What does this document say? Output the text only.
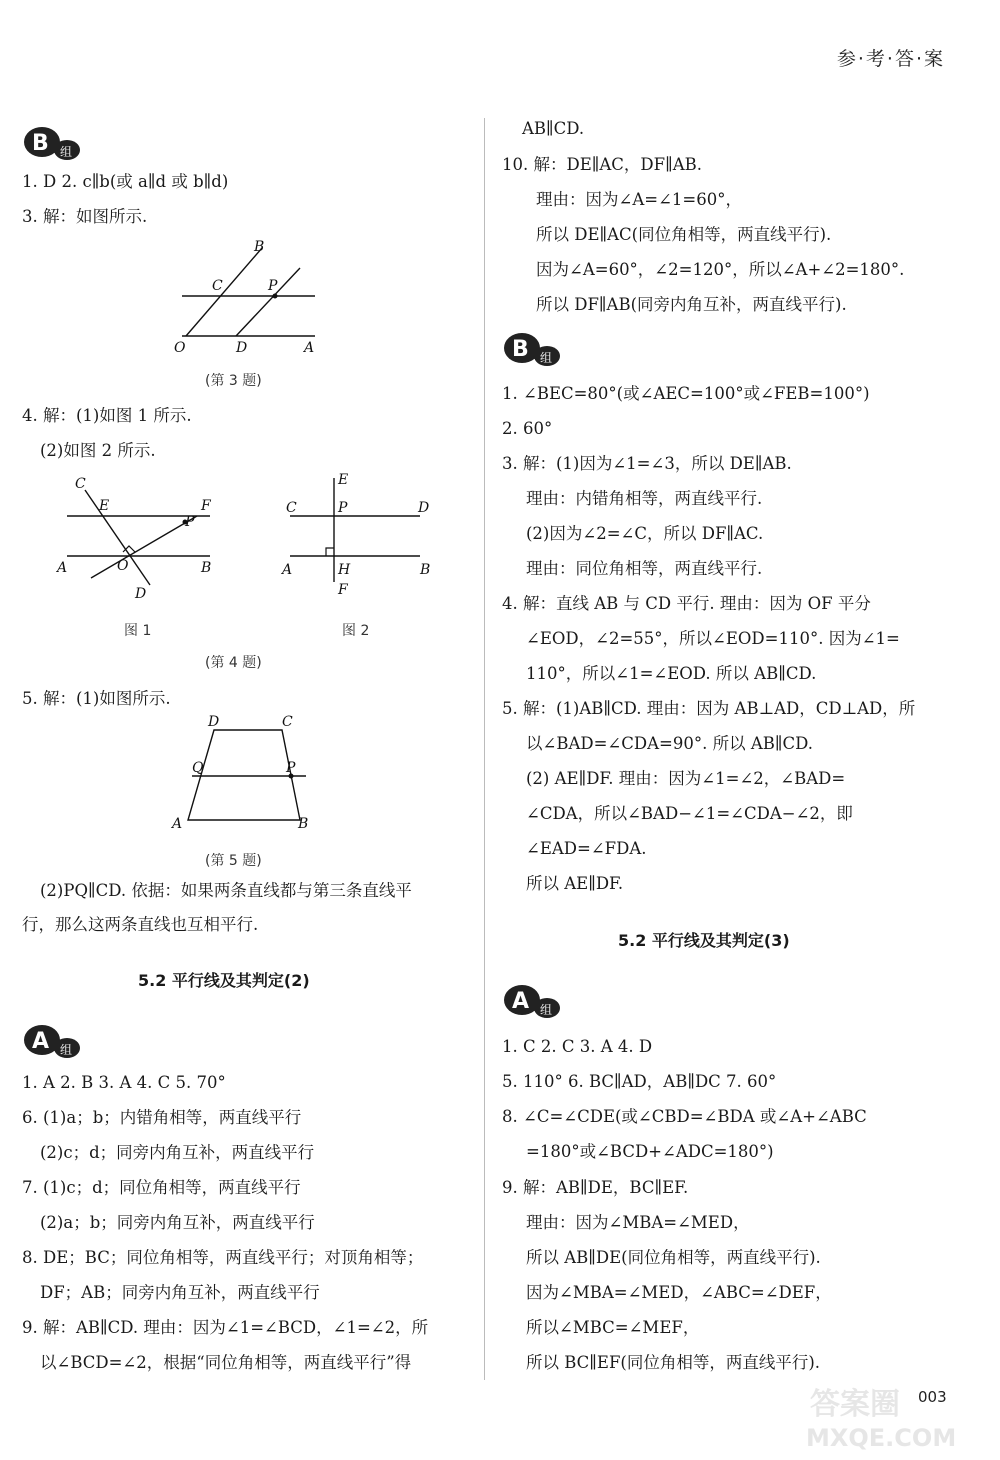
参·考·答·案
B 组
1. D 2. c∥b(或 a∥d 或 b∥d)
3. 解：如图所示.
B
C	P
O	D	A
(第 3 题)
4. 解：(1)如图 1 所示.
(2)如图 2 所示.
C
E	F
P
A	O	B
D
图 1
E
C	P	D
A	H	B
F
图 2
(第 4 题)
5. 解：(1)如图所示.
D	C
Q	P
A	B
(第 5 题)
(2)PQ∥CD. 依据：如果两条直线都与第三条直线平
行，那么这两条直线也互相平行.
5.2 平行线及其判定(2)
A 组
1. A 2. B 3. A 4. C 5. 70°
6. (1)a；b；内错角相等，两直线平行
(2)c；d；同旁内角互补，两直线平行
7. (1)c；d；同位角相等，两直线平行
(2)a；b；同旁内角互补，两直线平行
8. DE；BC；同位角相等，两直线平行；对顶角相等；
DF；AB；同旁内角互补，两直线平行
9. 解：AB∥CD. 理由：因为∠1=∠BCD，∠1=∠2，所
以∠BCD=∠2，根据“同位角相等，两直线平行”得
AB∥CD.
10. 解：DE∥AC，DF∥AB.
理由：因为∠A=∠1=60°，
所以 DE∥AC(同位角相等，两直线平行).
因为∠A=60°，∠2=120°，所以∠A+∠2=180°.
所以 DF∥AB(同旁内角互补，两直线平行).
B 组
1. ∠BEC=80°(或∠AEC=100°或∠FEB=100°)
2. 60°
3. 解：(1)因为∠1=∠3，所以 DE∥AB.
理由：内错角相等，两直线平行.
(2)因为∠2=∠C，所以 DF∥AC.
理由：同位角相等，两直线平行.
4. 解：直线 AB 与 CD 平行. 理由：因为 OF 平分
∠EOD，∠2=55°，所以∠EOD=110°. 因为∠1=
110°，所以∠1=∠EOD. 所以 AB∥CD.
5. 解：(1)AB∥CD. 理由：因为 AB⊥AD，CD⊥AD，所
以∠BAD=∠CDA=90°. 所以 AB∥CD.
(2) AE∥DF. 理由：因为∠1=∠2，∠BAD=
∠CDA，所以∠BAD−∠1=∠CDA−∠2，即
∠EAD=∠FDA.
所以 AE∥DF.
5.2 平行线及其判定(3)
A 组
1. C 2. C 3. A 4. D
5. 110° 6. BC∥AD，AB∥DC 7. 60°
8. ∠C=∠CDE(或∠CBD=∠BDA 或∠A+∠ABC
=180°或∠BCD+∠ADC=180°)
9. 解：AB∥DE，BC∥EF.
理由：因为∠MBA=∠MED，
所以 AB∥DE(同位角相等，两直线平行).
因为∠MBA=∠MED，∠ABC=∠DEF，
所以∠MBC=∠MEF，
所以 BC∥EF(同位角相等，两直线平行).
答案圈
MXQE.COM
003
